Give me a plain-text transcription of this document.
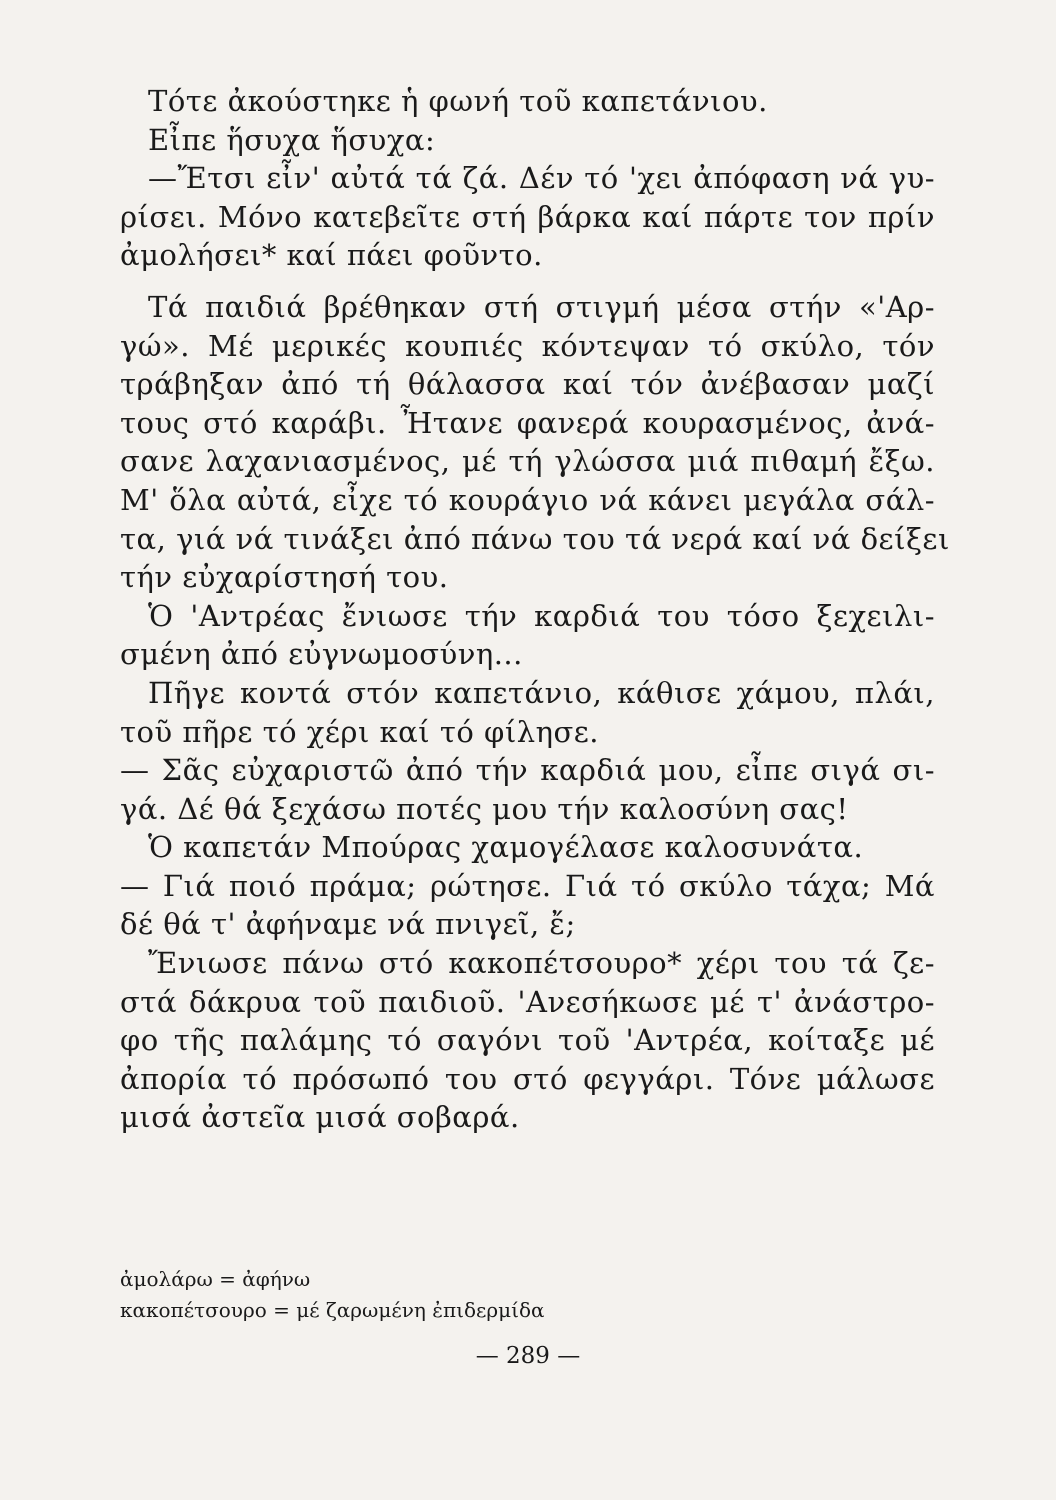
Τότε ἀκούστηκε ἡ φωνή τοῦ καπετάνιου.
Εἶπε ἥσυχα ἥσυχα:
—Ἔτσι εἶν' αὐτά τά ζά. Δέν τό 'χει ἀπόφαση νά γυ-
ρίσει. Μόνο κατεβεῖτε στή βάρκα καί πάρτε τον πρίν
ἀμολήσει* καί πάει φοῦντο.
Τά παιδιά βρέθηκαν στή στιγμή μέσα στήν «'Αρ-
γώ». Μέ μερικές κουπιές κόντεψαν τό σκύλο, τόν
τράβηξαν ἀπό τή θάλασσα καί τόν ἀνέβασαν μαζί
τους στό καράβι. Ἦτανε φανερά κουρασμένος, ἀνά-
σανε λαχανιασμένος, μέ τή γλώσσα μιά πιθαμή ἔξω.
Μ' ὅλα αὐτά, εἶχε τό κουράγιο νά κάνει μεγάλα σάλ-
τα, γιά νά τινάξει ἀπό πάνω του τά νερά καί νά δείξει
τήν εὐχαρίστησή του.
Ὁ 'Αντρέας ἔνιωσε τήν καρδιά του τόσο ξεχειλι-
σμένη ἀπό εὐγνωμοσύνη...
Πῆγε κοντά στόν καπετάνιο, κάθισε χάμου, πλάι,
τοῦ πῆρε τό χέρι καί τό φίλησε.
— Σᾶς εὐχαριστῶ ἀπό τήν καρδιά μου, εἶπε σιγά σι-
γά. Δέ θά ξεχάσω ποτές μου τήν καλοσύνη σας!
Ὁ καπετάν Μπούρας χαμογέλασε καλοσυνάτα.
— Γιά ποιό πράμα; ρώτησε. Γιά τό σκύλο τάχα; Μά
δέ θά τ' ἀφήναμε νά πνιγεῖ, ἔ;
Ἔνιωσε πάνω στό κακοπέτσουρο* χέρι του τά ζε-
στά δάκρυα τοῦ παιδιοῦ. 'Ανεσήκωσε μέ τ' ἀνάστρο-
φο τῆς παλάμης τό σαγόνι τοῦ 'Αντρέα, κοίταξε μέ
ἀπορία τό πρόσωπό του στό φεγγάρι. Τόνε μάλωσε
μισά ἀστεῖα μισά σοβαρά.
ἀμολάρω = ἀφήνω
κακοπέτσουρο = μέ ζαρωμένη ἐπιδερμίδα
— 289 —
